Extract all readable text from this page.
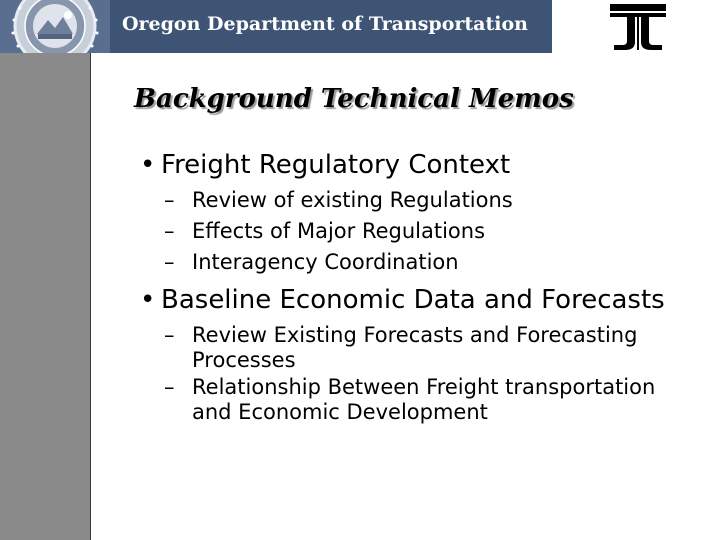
Oregon Department of Transportation
Background Technical Memos
• Freight Regulatory Context
– Review of existing Regulations
– Effects of Major Regulations
– Interagency Coordination
• Baseline Economic Data and Forecasts
– Review Existing Forecasts and Forecasting Processes
– Relationship Between Freight transportation and Economic Development
